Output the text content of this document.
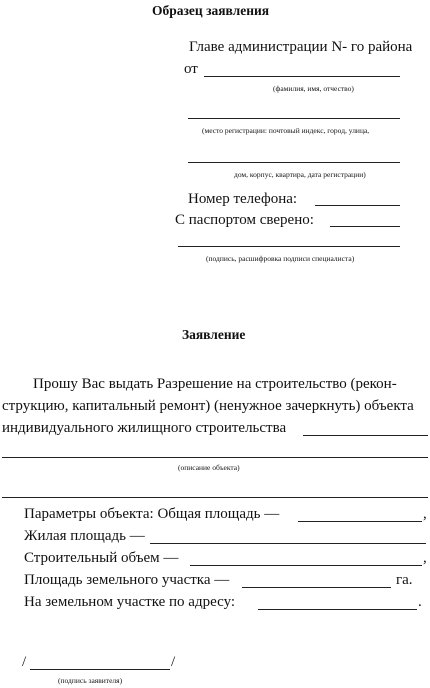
Образец заявления
Главе администрации N- го района
от
(фамилия, имя, отчество)
(место регистрации: почтовый индекс, город, улица,
дом, корпус, квартира, дата регистрации)
Номер телефона:
С паспортом сверено:
(подпись, расшифровка подписи специалиста)
Заявление
Прошу Вас выдать Разрешение на строительство (рекон-
струкцию, капитальный ремонт) (ненужное зачеркнуть) объекта
индивидуального жилищного строительства
(описание объекта)
Параметры объекта: Общая площадь —	,
Жилая площадь —
Строительный объем —	,
Площадь земельного участка —	га.
На земельном участке по адресу:	.
/	/
(подпись заявителя)
